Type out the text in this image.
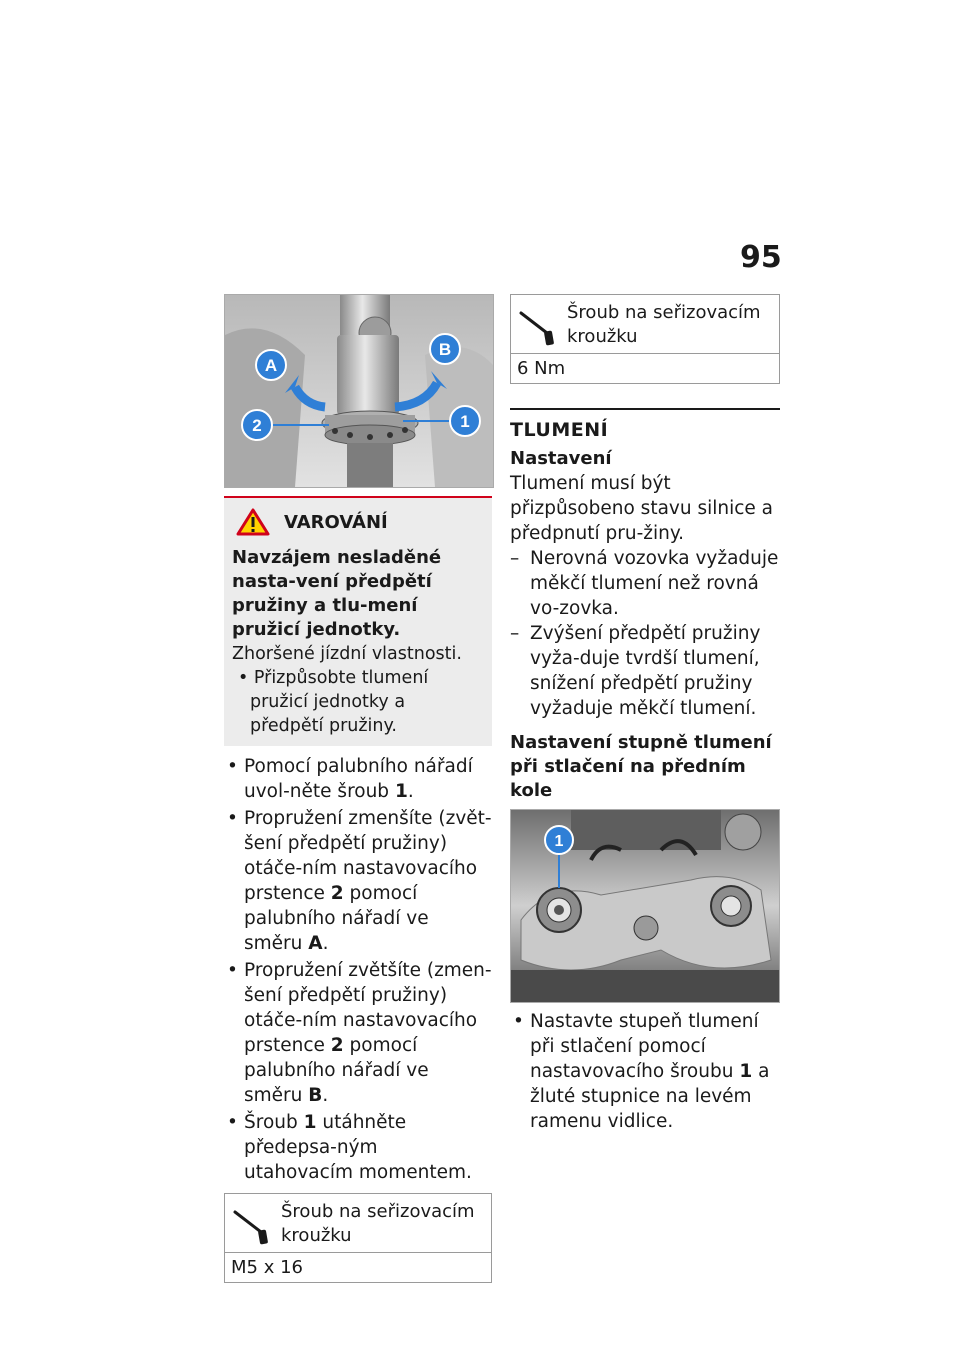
95
A
B
2	1
VAROVÁNÍ
Navzájem nesladěné nasta-vení předpětí pružiny a tlu-mení pružicí jednotky.
Zhoršené jízdní vlastnosti.
• Přizpůsobte tlumení pružicí jednotky a předpětí pružiny.
• Pomocí palubního nářadí uvol-něte šroub 1.
• Propružení zmenšíte (zvět-šení předpětí pružiny) otáče-ním nastavovacího prstence 2 pomocí palubního nářadí ve směru A.
• Propružení zvětšíte (zmen-šení předpětí pružiny) otáče-ním nastavovacího prstence 2 pomocí palubního nářadí ve směru B.
• Šroub 1 utáhněte předepsa-ným utahovacím momentem.
Šroub na seřizovacím kroužku
M5 x 16
Šroub na seřizovacím kroužku
6 Nm
TLUMENÍ
Nastavení
Tlumení musí být přizpůsobeno stavu silnice a předpnutí pru-žiny.
– Nerovná vozovka vyžaduje měkčí tlumení než rovná vo-zovka.
– Zvýšení předpětí pružiny vyža-duje tvrdší tlumení, snížení předpětí pružiny vyžaduje měkčí tlumení.
Nastavení stupně tlumení při stlačení na předním kole
1
• Nastavte stupeň tlumení při stlačení pomocí nastavovacího šroubu 1 a žluté stupnice na levém ramenu vidlice.
